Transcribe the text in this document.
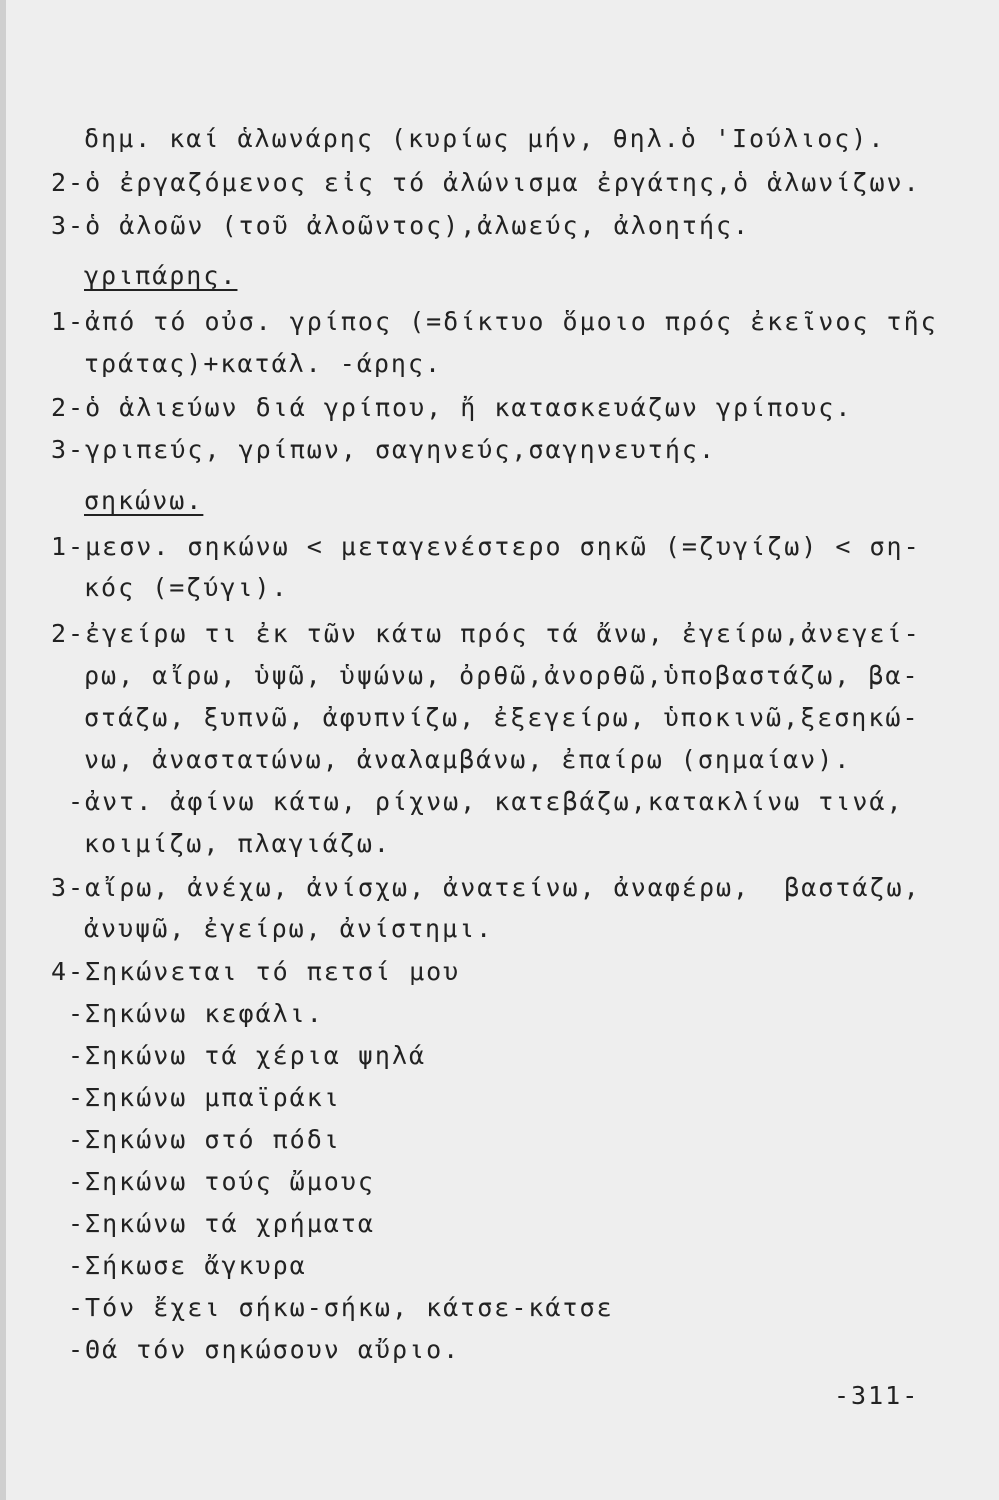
δημ. καί ἁλωνάρης (κυρίως μήν, θηλ.ὁ 'Ιούλιος).
2-ὁ ἐργαζόμενος εἰς τό ἀλώνισμα ἐργάτης,ὁ ἁλωνίζων.
3-ὁ ἀλοῶν (τοῦ ἀλοῶντος),ἀλωεύς, ἀλοητής.
γριπάρης.
1-ἀπό τό οὐσ. γρίπος (=δίκτυο ὅμοιο πρός ἐκεῖνος τῆς
τράτας)+κατάλ. -άρης.
2-ὁ ἁλιεύων διά γρίπου, ἤ κατασκευάζων γρίπους.
3-γριπεύς, γρίπων, σαγηνεύς,σαγηνευτής.
σηκώνω.
1-μεσν. σηκώνω < μεταγενέστερο σηκῶ (=ζυγίζω) < ση-
κός (=ζύγι).
2-ἐγείρω τι ἐκ τῶν κάτω πρός τά ἄνω, ἐγείρω,ἀνεγεί-
ρω, αἴρω, ὑψῶ, ὑψώνω, ὀρθῶ,ἀνορθῶ,ὑποβαστάζω, βα-
στάζω, ξυπνῶ, ἀφυπνίζω, ἐξεγείρω, ὑποκινῶ,ξεσηκώ-
νω, ἀναστατώνω, ἀναλαμβάνω, ἐπαίρω (σημαίαν).
-ἀντ. ἀφίνω κάτω, ρίχνω, κατεβάζω,κατακλίνω τινά,
κοιμίζω, πλαγιάζω.
3-αἴρω, ἀνέχω, ἀνίσχω, ἀνατείνω, ἀναφέρω,  βαστάζω,
ἀνυψῶ, ἐγείρω, ἀνίστημι.
4-Σηκώνεται τό πετσί μου
-Σηκώνω κεφάλι.
-Σηκώνω τά χέρια ψηλά
-Σηκώνω μπαϊράκι
-Σηκώνω στό πόδι
-Σηκώνω τούς ὤμους
-Σηκώνω τά χρήματα
-Σήκωσε ἄγκυρα
-Τόν ἔχει σήκω-σήκω, κάτσε-κάτσε
-Θά τόν σηκώσουν αὔριο.
-311-
